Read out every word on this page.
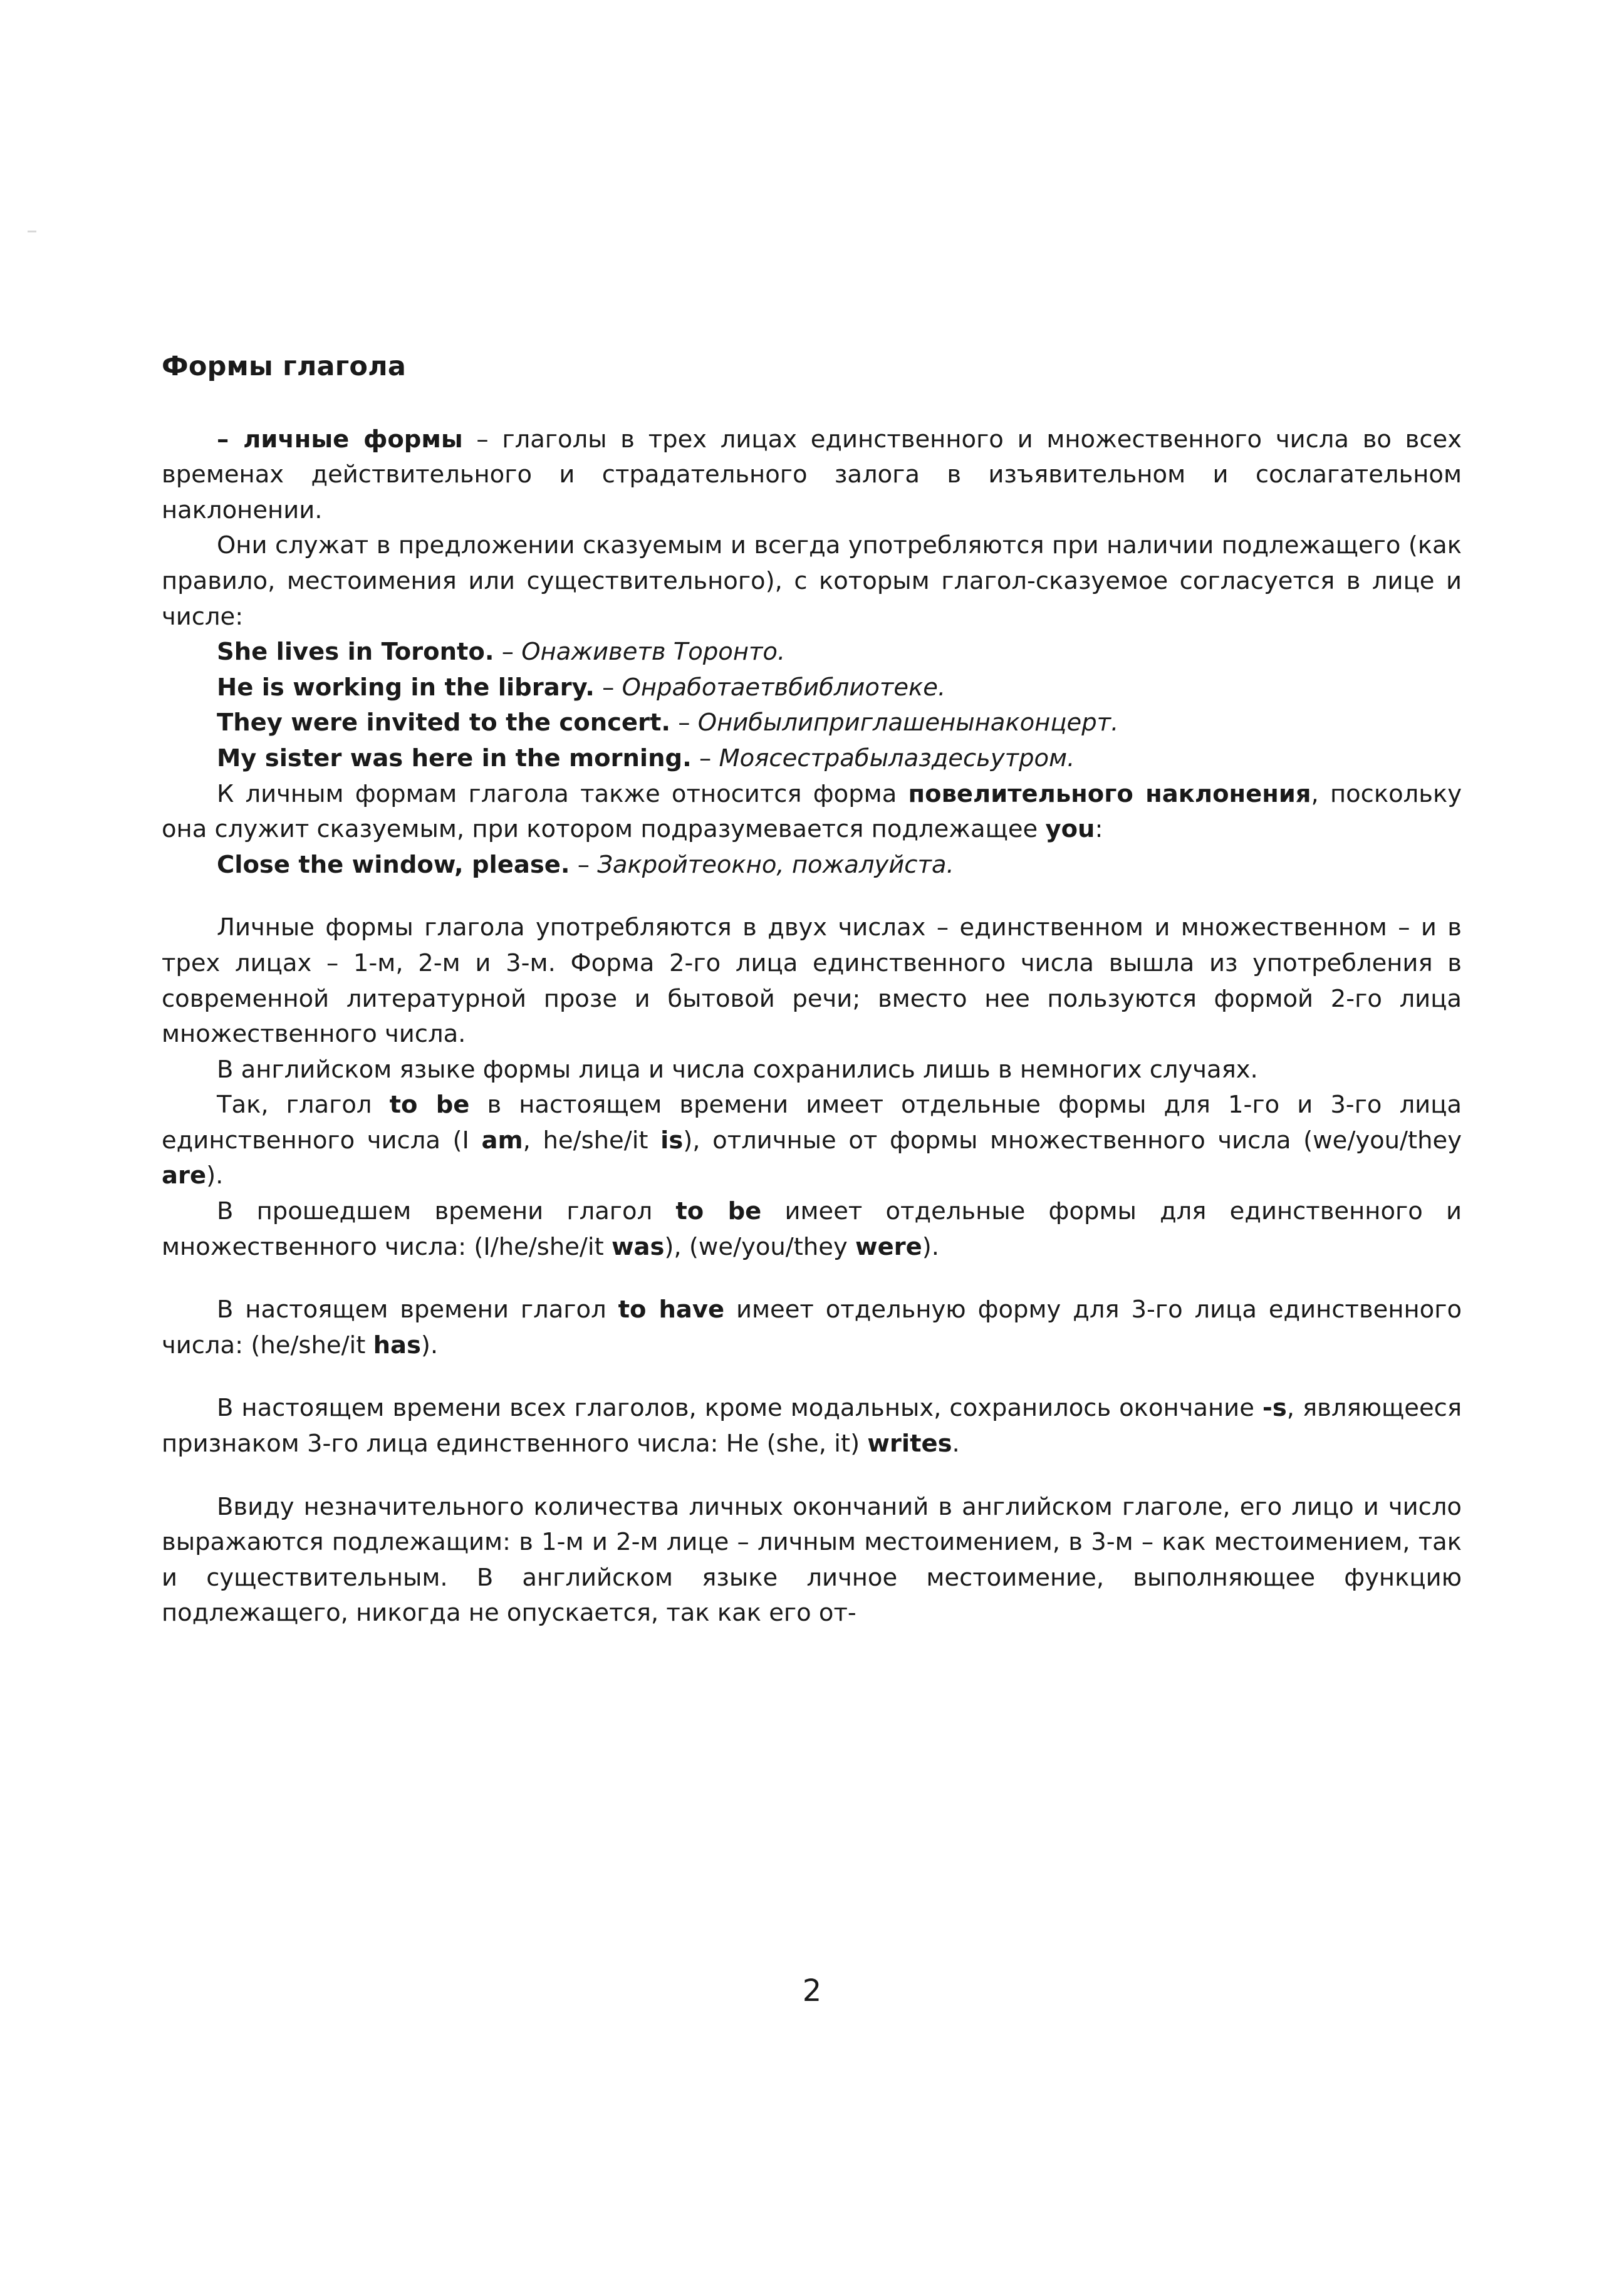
Формы глагола

– личные формы – глаголы в трех лицах единственного и множественного числа во всех временах действительного и страдательного залога в изъявительном и сослагательном наклонении.

Они служат в предложении сказуемым и всегда употребляются при наличии подлежащего (как правило, местоимения или существительного), с которым глагол-сказуемое согласуется в лице и числе:

She lives in Toronto. – Онаживетв Торонто.

He is working in the library. – Онработаетвбиблиотеке.

They were invited to the concert. – Онибылиприглашенынаконцерт.

My sister was here in the morning. – Моясестрабылаздесьутром.

К личным формам глагола также относится форма повелительного наклонения, поскольку она служит сказуемым, при котором подразумевается подлежащее you:

Close the window, please. – Закройтеокно, пожалуйста.

Личные формы глагола употребляются в двух числах – единственном и множественном – и в трех лицах – 1-м, 2-м и 3-м. Форма 2-го лица единственного числа вышла из употребления в современной литературной прозе и бытовой речи; вместо нее пользуются формой 2-го лица множественного числа.

В английском языке формы лица и числа сохранились лишь в немногих случаях.

Так, глагол to be в настоящем времени имеет отдельные формы для 1-го и 3-го лица единственного числа (I am, he/she/it is), отличные от формы множественного числа (we/you/they are).

В прошедшем времени глагол to be имеет отдельные формы для единственного и множественного числа: (I/he/she/it was), (we/you/they were).

В настоящем времени глагол to have имеет отдельную форму для 3-го лица единственного числа: (he/she/it has).

В настоящем времени всех глаголов, кроме модальных, сохранилось окончание -s, являющееся признаком 3-го лица единственного числа: He (she, it) writes.

Ввиду незначительного количества личных окончаний в английском глаголе, его лицо и число выражаются подлежащим: в 1-м и 2-м лице – личным местоимением, в 3-м – как местоимением, так и существительным. В английском языке личное местоимение, выполняющее функцию подлежащего, никогда не опускается, так как его от-

2
